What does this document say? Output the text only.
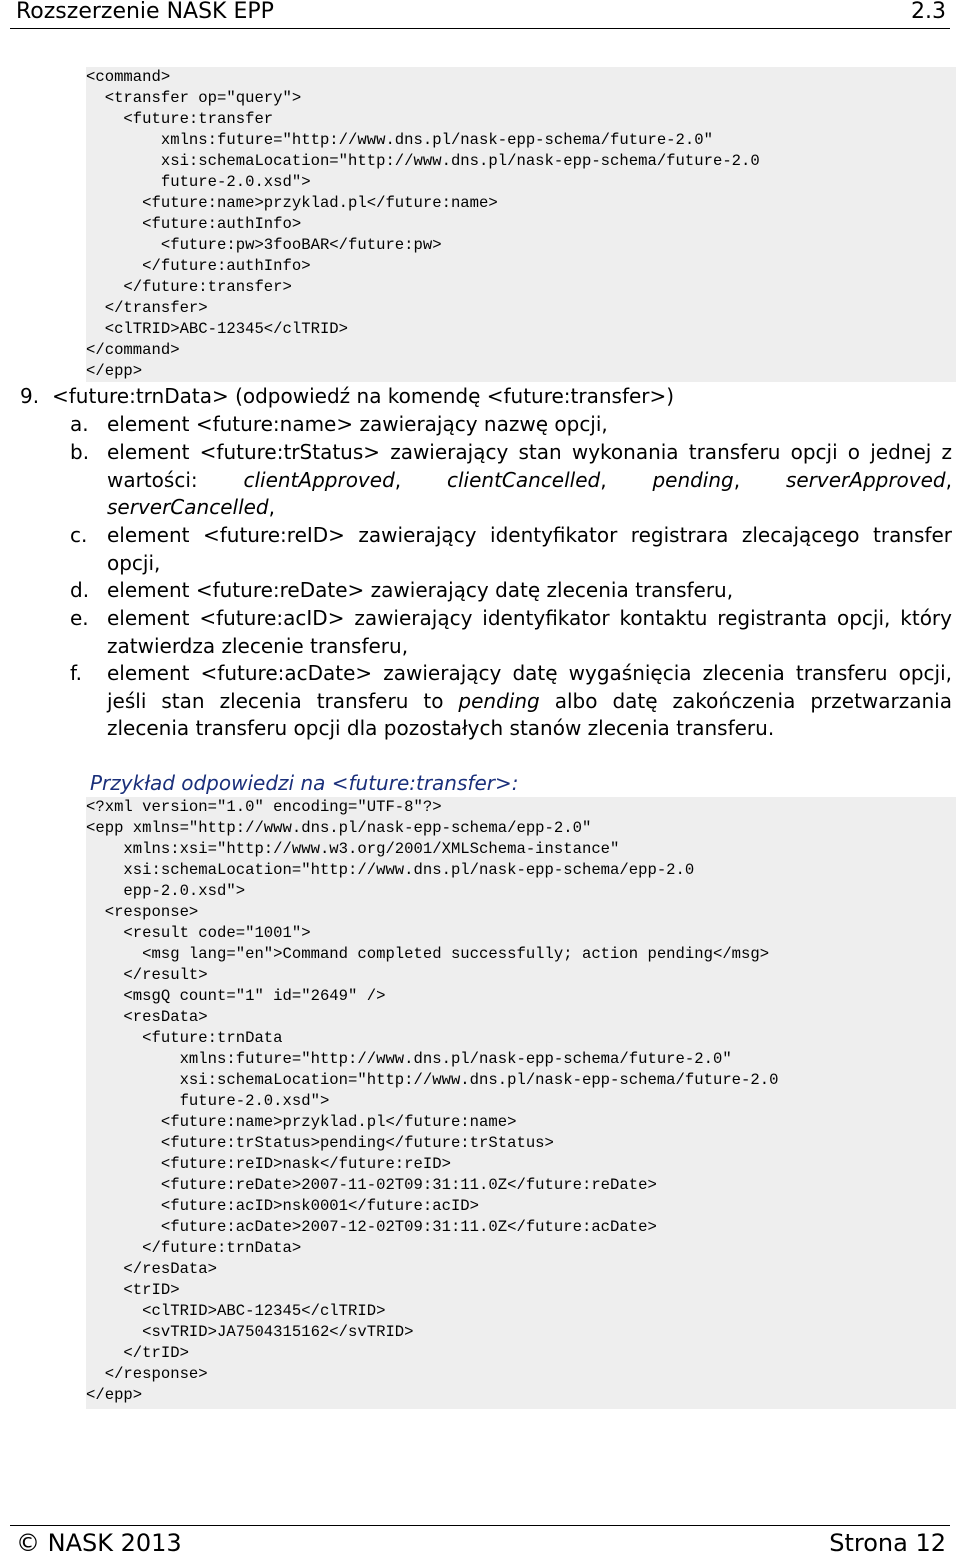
Rozszerzenie NASK EPP	2.3
<command>
<transfer op="query">
<future:transfer
xmlns:future="http://www.dns.pl/nask-epp-schema/future-2.0"
xsi:schemaLocation="http://www.dns.pl/nask-epp-schema/future-2.0
future-2.0.xsd">
<future:name>przyklad.pl</future:name>
<future:authInfo>
<future:pw>3fooBAR</future:pw>
</future:authInfo>
</future:transfer>
</transfer>
<clTRID>ABC-12345</clTRID>
</command>
</epp>
9. <future:trnData> (odpowiedź na komendę <future:transfer>)
a. element <future:name> zawierający nazwę opcji,
b. element <future:trStatus> zawierający stan wykonania transferu opcji o jednej z wartości: clientApproved, clientCancelled, pending, serverApproved, serverCancelled,
c. element <future:reID> zawierający identyfikator registrara zlecającego transfer opcji,
d. element <future:reDate> zawierający datę zlecenia transferu,
e. element <future:acID> zawierający identyfikator kontaktu registranta opcji, który zatwierdza zlecenie transferu,
f. element <future:acDate> zawierający datę wygaśnięcia zlecenia transferu opcji, jeśli stan zlecenia transferu to pending albo datę zakończenia przetwarzania zlecenia transferu opcji dla pozostałych stanów zlecenia transferu.
Przykład odpowiedzi na <future:transfer>:
<?xml version="1.0" encoding="UTF-8"?>
<epp xmlns="http://www.dns.pl/nask-epp-schema/epp-2.0"
xmlns:xsi="http://www.w3.org/2001/XMLSchema-instance"
xsi:schemaLocation="http://www.dns.pl/nask-epp-schema/epp-2.0
epp-2.0.xsd">
<response>
<result code="1001">
<msg lang="en">Command completed successfully; action pending</msg>
</result>
<msgQ count="1" id="2649" />
<resData>
<future:trnData
xmlns:future="http://www.dns.pl/nask-epp-schema/future-2.0"
xsi:schemaLocation="http://www.dns.pl/nask-epp-schema/future-2.0
future-2.0.xsd">
<future:name>przyklad.pl</future:name>
<future:trStatus>pending</future:trStatus>
<future:reID>nask</future:reID>
<future:reDate>2007-11-02T09:31:11.0Z</future:reDate>
<future:acID>nsk0001</future:acID>
<future:acDate>2007-12-02T09:31:11.0Z</future:acDate>
</future:trnData>
</resData>
<trID>
<clTRID>ABC-12345</clTRID>
<svTRID>JA7504315162</svTRID>
</trID>
</response>
</epp>
© NASK 2013	Strona 12
